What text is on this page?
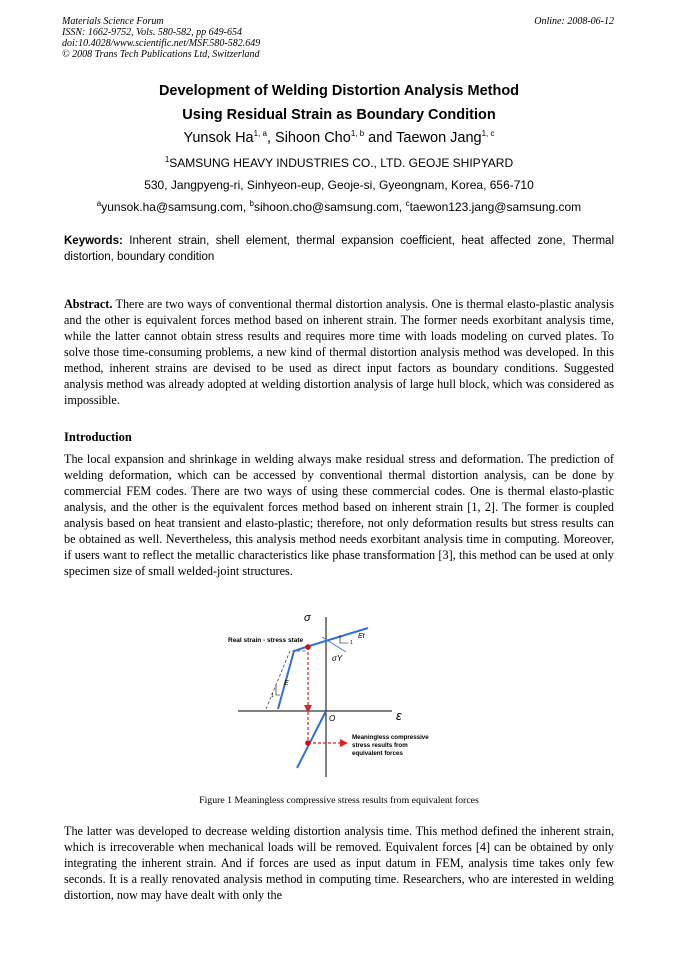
Materials Science Forum
ISSN: 1662-9752, Vols. 580-582, pp 649-654
doi:10.4028/www.scientific.net/MSF.580-582.649
© 2008 Trans Tech Publications Ltd, Switzerland
Online: 2008-06-12
Development of Welding Distortion Analysis Method
Using Residual Strain as Boundary Condition
Yunsok Ha$^{1, a}$, Sihoon Cho$^{1, b}$ and Taewon Jang$^{1, c}$
$^1$SAMSUNG HEAVY INDUSTRIES CO., LTD. GEOJE SHIPYARD
530, Jangpyeng-ri, Sinhyeon-eup, Geoje-si, Gyeongnam, Korea, 656-710
$^a$yunsok.ha@samsung.com, $^b$sihoon.cho@samsung.com, $^c$taewon123.jang@samsung.com
Keywords: Inherent strain, shell element, thermal expansion coefficient, heat affected zone, Thermal distortion, boundary condition
Abstract. There are two ways of conventional thermal distortion analysis. One is thermal elasto-plastic analysis and the other is equivalent forces method based on inherent strain. The former needs exorbitant analysis time, while the latter cannot obtain stress results and requires more time with loads modeling on curved plates. To solve those time-consuming problems, a new kind of thermal distortion analysis method was developed. In this method, inherent strains are devised to be used as direct input factors as boundary conditions. Suggested analysis method was already adopted at welding distortion analysis of large hull block, which was considered as impossible.
Introduction
The local expansion and shrinkage in welding always make residual stress and deformation. The prediction of welding deformation, which can be accessed by conventional thermal distortion analysis, can be done by commercial FEM codes. There are two ways of using these commercial codes. One is thermal elasto-plastic analysis, and the other is the equivalent forces method based on inherent strain [1, 2]. The former is coupled analysis based on heat transient and elasto-plastic; therefore, not only deformation results but stress results can be obtained as well. Nevertheless, this analysis method needs exorbitant analysis time in computing. Moreover, if users want to reflect the metallic characteristics like phase transformation [3], this method can be used at only specimen size of small welded-joint structures.
σ
ε
O
Real strain - stress state
σY
Et
1
E
1
Meaningless compressive
stress results from
equivalent forces
Figure 1 Meaningless compressive stress results from equivalent forces
The latter was developed to decrease welding distortion analysis time. This method defined the inherent strain, which is irrecoverable when mechanical loads will be removed. Equivalent forces [4] can be obtained by only integrating the inherent strain. And if forces are used as input datum in FEM, analysis time takes only few seconds. It is a really renovated analysis method in computing time. Researchers, who are interested in welding distortion, now may have dealt with only the
